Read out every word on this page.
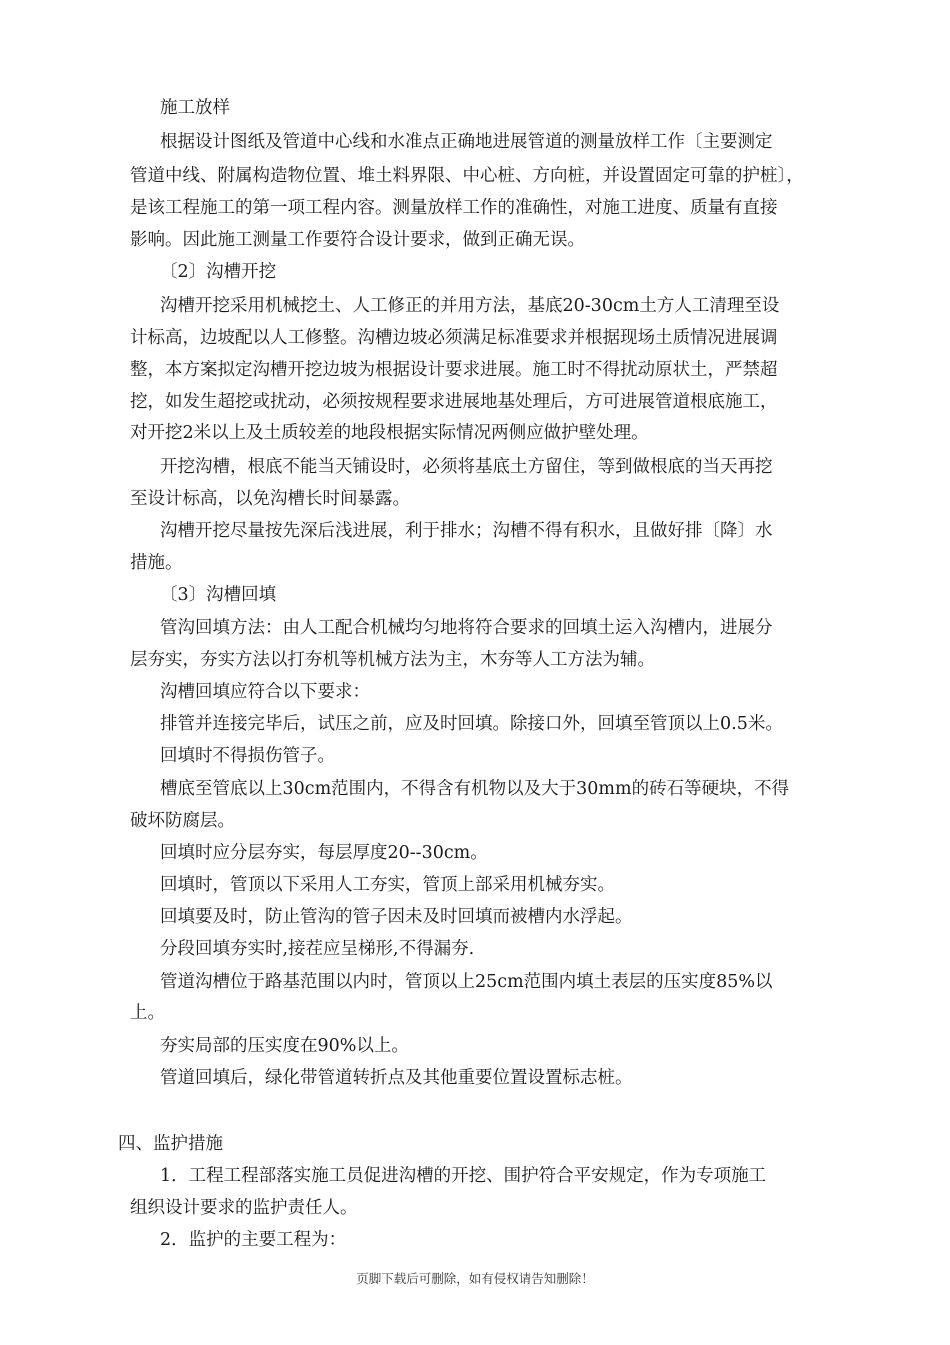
施工放样

根据设计图纸及管道中心线和水准点正确地进展管道的测量放样工作〔主要测定

管道中线、附属构造物位置、堆土料界限、中心桩、方向桩，并设置固定可靠的护桩〕，

是该工程施工的第一项工程内容。测量放样工作的准确性，对施工进度、质量有直接

影响。因此施工测量工作要符合设计要求，做到正确无误。

〔2〕沟槽开挖

沟槽开挖采用机械挖土、人工修正的并用方法，基底20-30cm土方人工清理至设

计标高，边坡配以人工修整。沟槽边坡必须满足标准要求并根据现场土质情况进展调

整，本方案拟定沟槽开挖边坡为根据设计要求进展。施工时不得扰动原状土，严禁超

挖，如发生超挖或扰动，必须按规程要求进展地基处理后，方可进展管道根底施工，

对开挖2米以上及土质较差的地段根据实际情况两侧应做护壁处理。

开挖沟槽，根底不能当天铺设时，必须将基底土方留住，等到做根底的当天再挖

至设计标高，以免沟槽长时间暴露。

沟槽开挖尽量按先深后浅进展，利于排水；沟槽不得有积水，且做好排〔降〕水

措施。

〔3〕沟槽回填

管沟回填方法：由人工配合机械均匀地将符合要求的回填土运入沟槽内，进展分

层夯实，夯实方法以打夯机等机械方法为主，木夯等人工方法为辅。

沟槽回填应符合以下要求：

排管并连接完毕后，试压之前，应及时回填。除接口外，回填至管顶以上0.5米。

回填时不得损伤管子。

槽底至管底以上30cm范围内，不得含有机物以及大于30mm的砖石等硬块，不得

破坏防腐层。

回填时应分层夯实，每层厚度20--30cm。

回填时，管顶以下采用人工夯实，管顶上部采用机械夯实。

回填要及时，防止管沟的管子因未及时回填而被槽内水浮起。

分段回填夯实时,接茬应呈梯形,不得漏夯.

管道沟槽位于路基范围以内时，管顶以上25cm范围内填土表层的压实度85%以

上。

夯实局部的压实度在90%以上。

管道回填后，绿化带管道转折点及其他重要位置设置标志桩。

四、监护措施

1．工程工程部落实施工员促进沟槽的开挖、围护符合平安规定，作为专项施工

组织设计要求的监护责任人。

2．监护的主要工程为：

页脚下载后可删除，如有侵权请告知删除！
